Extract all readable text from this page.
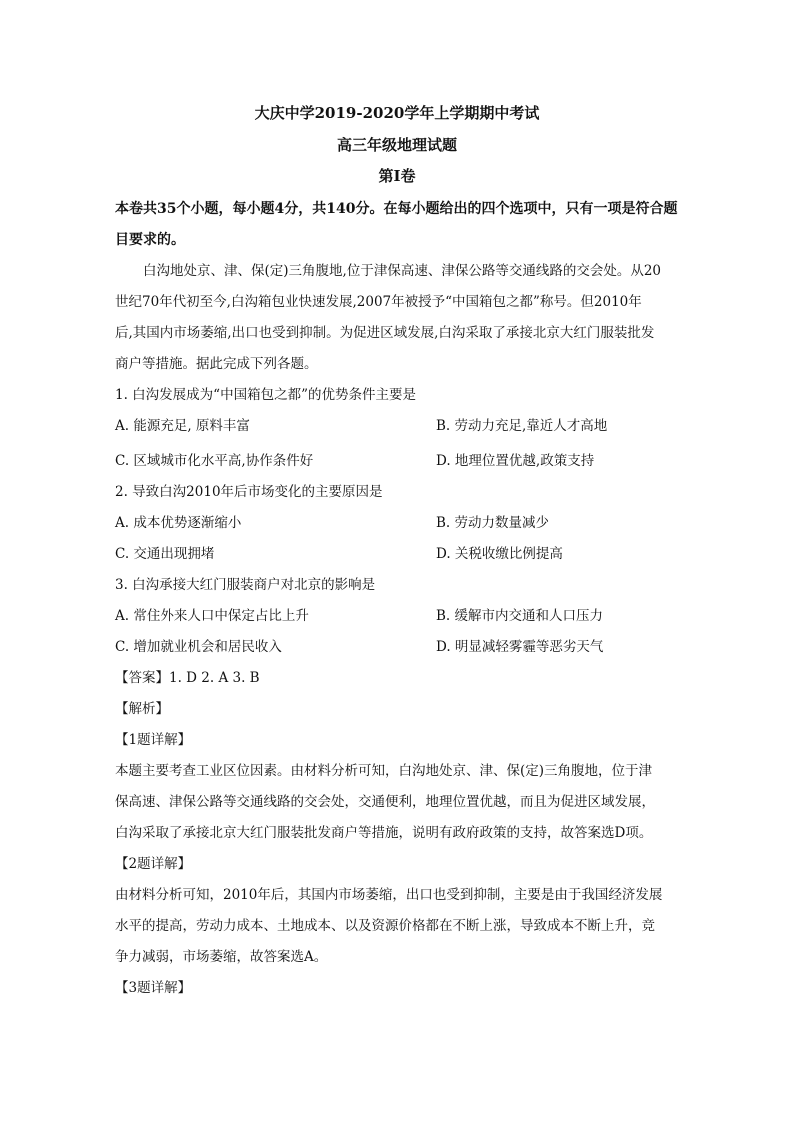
大庆中学2019-2020学年上学期期中考试
高三年级地理试题
第Ⅰ卷
本卷共35个小题，每小题4分，共140分。在每小题给出的四个选项中，只有一项是符合题
目要求的。
白沟地处京、津、保(定)三角腹地,位于津保高速、津保公路等交通线路的交会处。从20
世纪70年代初至今,白沟箱包业快速发展,2007年被授予“中国箱包之都”称号。但2010年
后,其国内市场萎缩,出口也受到抑制。为促进区域发展,白沟采取了承接北京大红门服装批发
商户等措施。据此完成下列各题。
1. 白沟发展成为“中国箱包之都”的优势条件主要是
A. 能源充足, 原料丰富	B. 劳动力充足,靠近人才高地
C. 区域城市化水平高,协作条件好	D. 地理位置优越,政策支持
2. 导致白沟2010年后市场变化的主要原因是
A. 成本优势逐渐缩小	B. 劳动力数量减少
C. 交通出现拥堵	D. 关税收缴比例提高
3. 白沟承接大红门服装商户对北京的影响是
A. 常住外来人口中保定占比上升	B. 缓解市内交通和人口压力
C. 增加就业机会和居民收入	D. 明显减轻雾霾等恶劣天气
【答案】1. D 2. A 3. B
【解析】
【1题详解】
本题主要考查工业区位因素。由材料分析可知，白沟地处京、津、保(定)三角腹地，位于津
保高速、津保公路等交通线路的交会处，交通便利，地理位置优越，而且为促进区域发展，
白沟采取了承接北京大红门服装批发商户等措施，说明有政府政策的支持，故答案选D项。
【2题详解】
由材料分析可知，2010年后，其国内市场萎缩，出口也受到抑制，主要是由于我国经济发展
水平的提高，劳动力成本、土地成本、以及资源价格都在不断上涨，导致成本不断上升，竞
争力减弱，市场萎缩，故答案选A。
【3题详解】
